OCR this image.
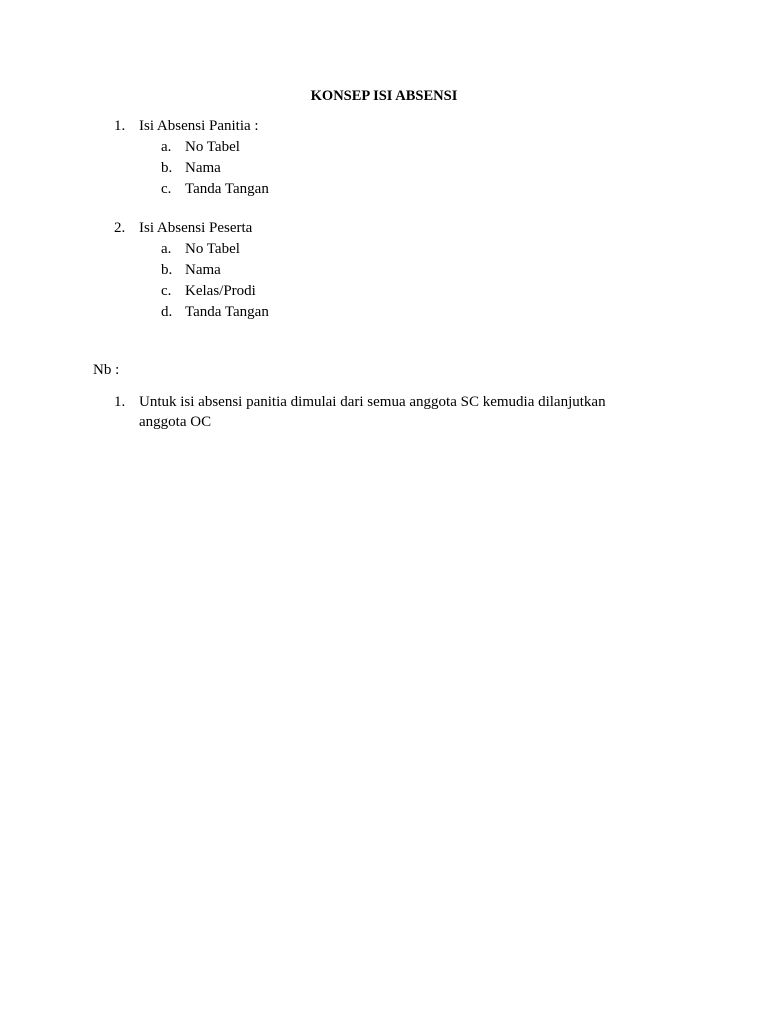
KONSEP ISI ABSENSI
1. Isi Absensi Panitia :
a. No Tabel
b. Nama
c. Tanda Tangan
2. Isi Absensi Peserta
a. No Tabel
b. Nama
c. Kelas/Prodi
d. Tanda Tangan
Nb :
1. Untuk isi absensi panitia dimulai dari semua anggota SC kemudia dilanjutkan anggota OC
